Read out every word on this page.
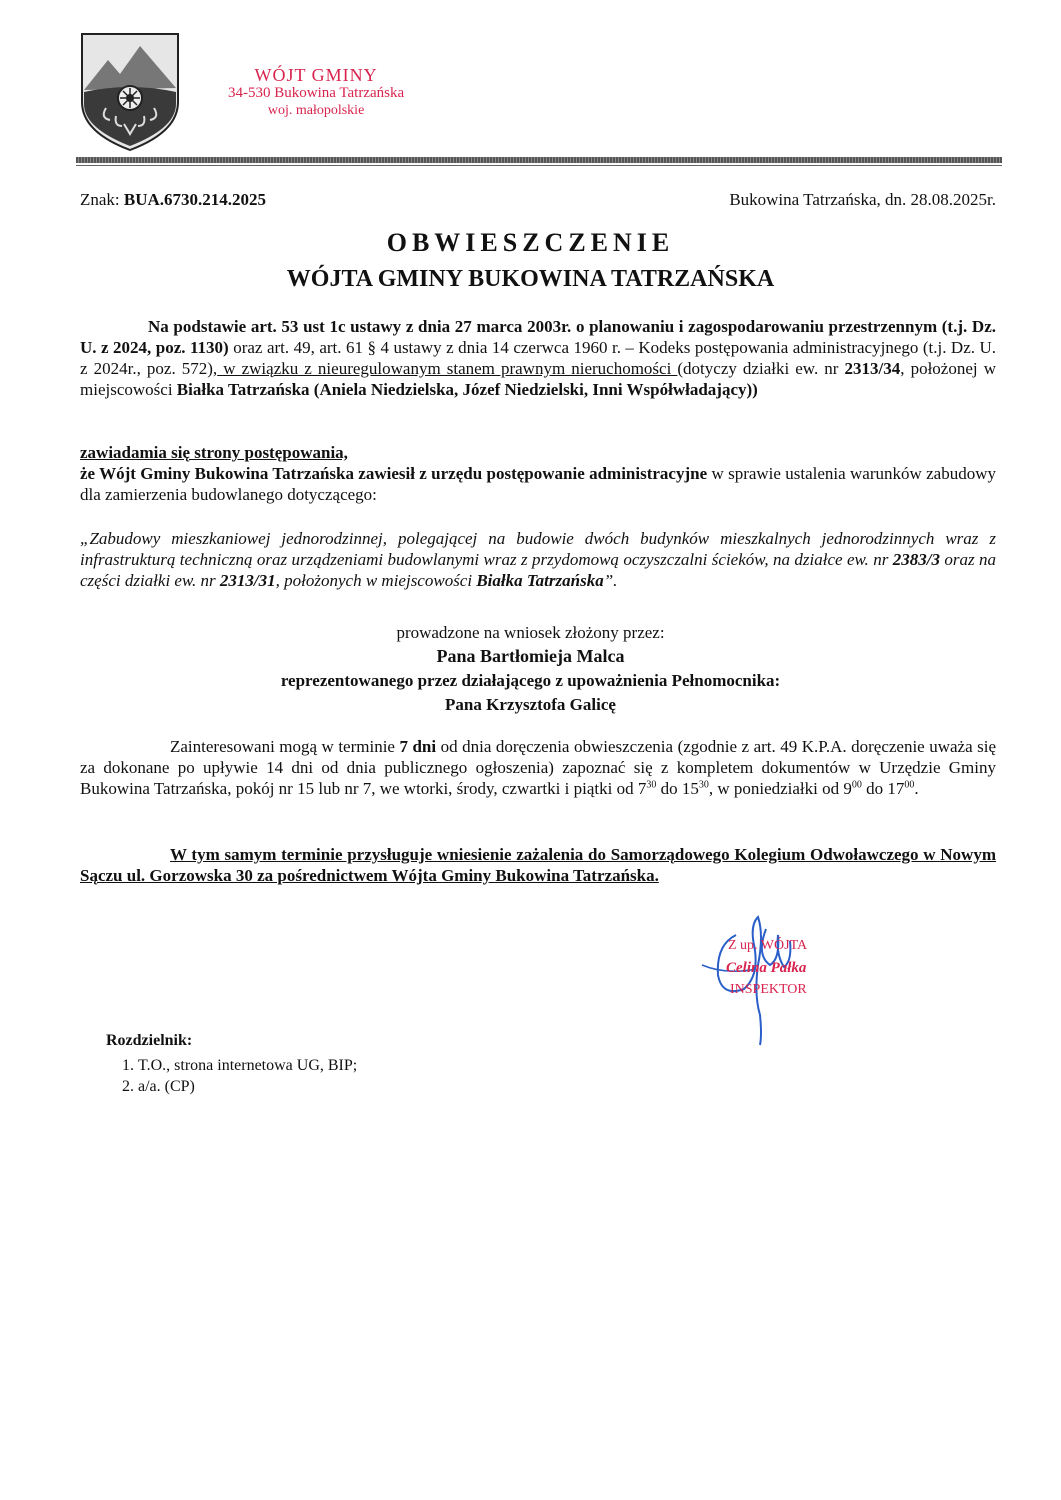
WÓJT GMINY
34-530 Bukowina Tatrzańska
woj. małopolskie
Znak: BUA.6730.214.2025	Bukowina Tatrzańska, dn. 28.08.2025r.
OBWIESZCZENIE
WÓJTA GMINY BUKOWINA TATRZAŃSKA

Na podstawie art. 53 ust 1c ustawy z dnia 27 marca 2003r. o planowaniu i zagospodarowaniu przestrzennym (t.j. Dz. U. z 2024, poz. 1130) oraz art. 49, art. 61 § 4 ustawy z dnia 14 czerwca 1960 r. – Kodeks postępowania administracyjnego (t.j. Dz. U. z 2024r., poz. 572), w związku z nieuregulowanym stanem prawnym nieruchomości (dotyczy działki ew. nr 2313/34, położonej w miejscowości Białka Tatrzańska (Aniela Niedzielska, Józef Niedzielski, Inni Współwładający))

zawiadamia się strony postępowania,

że Wójt Gminy Bukowina Tatrzańska zawiesił z urzędu postępowanie administracyjne w sprawie ustalenia warunków zabudowy dla zamierzenia budowlanego dotyczącego:

„Zabudowy mieszkaniowej jednorodzinnej, polegającej na budowie dwóch budynków mieszkalnych jednorodzinnych wraz z infrastrukturą techniczną oraz urządzeniami budowlanymi wraz z przydomową oczyszczalni ścieków, na działce ew. nr 2383/3 oraz na części działki ew. nr 2313/31, położonych w miejscowości Białka Tatrzańska”.

prowadzone na wniosek złożony przez:
Pana Bartłomieja Malca
reprezentowanego przez działającego z upoważnienia Pełnomocnika:
Pana Krzysztofa Galicę

Zainteresowani mogą w terminie 7 dni od dnia doręczenia obwieszczenia (zgodnie z art. 49 K.P.A. doręczenie uważa się za dokonane po upływie 14 dni od dnia publicznego ogłoszenia) zapoznać się z kompletem dokumentów w Urzędzie Gminy Bukowina Tatrzańska, pokój nr 15 lub nr 7, we wtorki, środy, czwartki i piątki od $7^{30}$ do $15^{30}$, w poniedziałki od $9^{00}$ do $17^{00}$.

W tym samym terminie przysługuje wniesienie zażalenia do Samorządowego Kolegium Odwoławczego w Nowym Sączu ul. Gorzowska 30 za pośrednictwem Wójta Gminy Bukowina Tatrzańska.
Z up. WÓJTA
Celina Pałka
INSPEKTOR
Rozdzielnik:
1. T.O., strona internetowa UG, BIP;
2. a/a. (CP)
